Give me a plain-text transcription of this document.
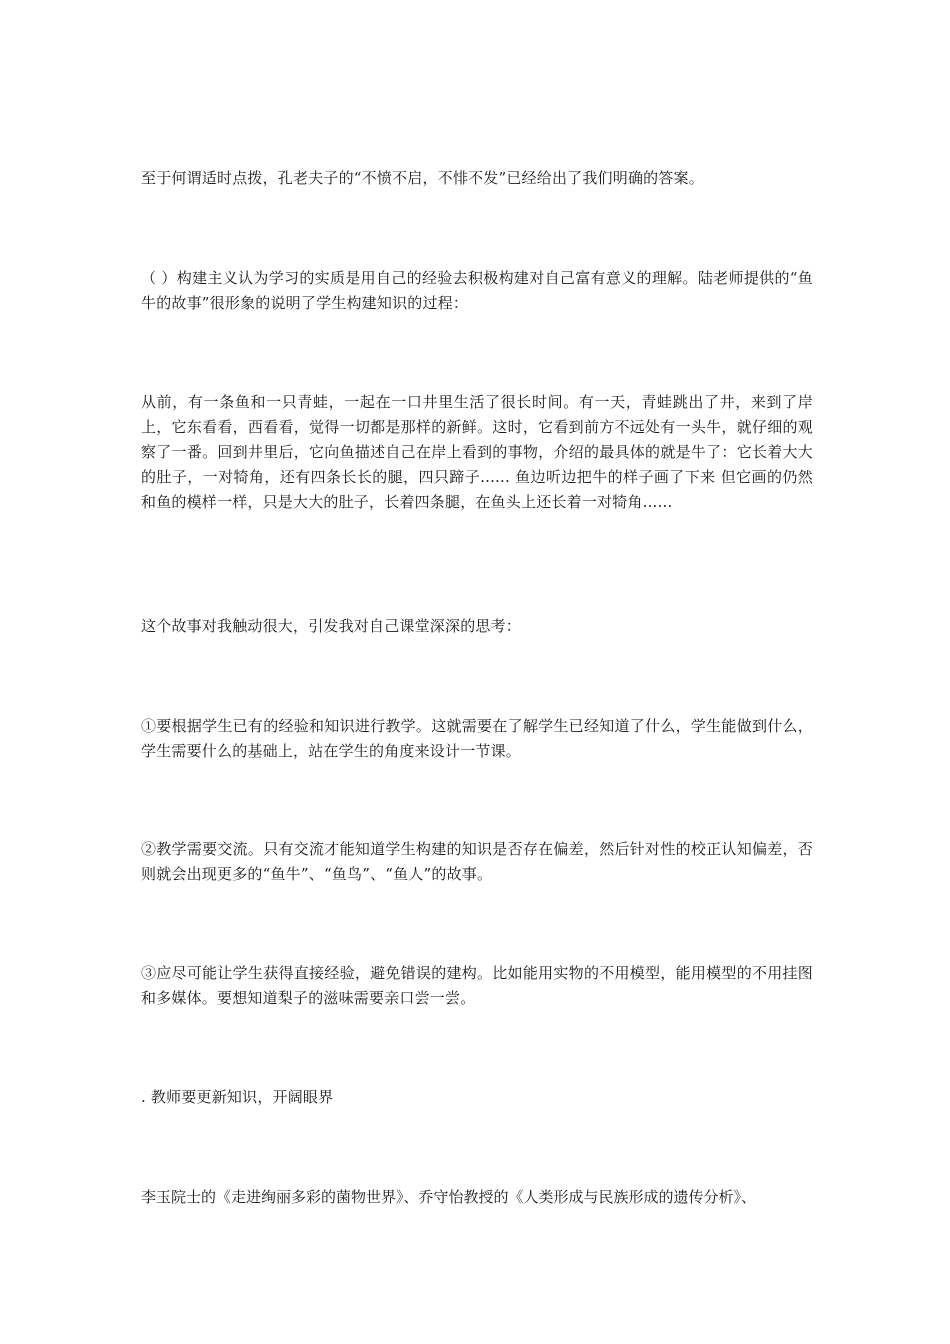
至于何谓适时点拨，孔老夫子的“不愤不启，不悱不发”已经给出了我们明确的答案。

（ ）构建主义认为学习的实质是用自己的经验去积极构建对自己富有意义的理解。陆老师提供的“鱼牛的故事”很形象的说明了学生构建知识的过程：

从前，有一条鱼和一只青蛙，一起在一口井里生活了很长时间。有一天，青蛙跳出了井，来到了岸上，它东看看，西看看，觉得一切都是那样的新鲜。这时，它看到前方不远处有一头牛，就仔细的观察了一番。回到井里后，它向鱼描述自己在岸上看到的事物，介绍的最具体的就是牛了：它长着大大的肚子，一对犄角，还有四条长长的腿，四只蹄子...... 鱼边听边把牛的样子画了下来 但它画的仍然和鱼的模样一样，只是大大的肚子，长着四条腿，在鱼头上还长着一对犄角......

这个故事对我触动很大，引发我对自己课堂深深的思考：

①要根据学生已有的经验和知识进行教学。这就需要在了解学生已经知道了什么，学生能做到什么，学生需要什么的基础上，站在学生的角度来设计一节课。

②教学需要交流。只有交流才能知道学生构建的知识是否存在偏差，然后针对性的校正认知偏差，否则就会出现更多的“鱼牛”、“鱼鸟”、“鱼人”的故事。

③应尽可能让学生获得直接经验，避免错误的建构。比如能用实物的不用模型，能用模型的不用挂图和多媒体。要想知道梨子的滋味需要亲口尝一尝。

. 教师要更新知识，开阔眼界

李玉院士的《走进绚丽多彩的菌物世界》、乔守怡教授的《人类形成与民族形成的遗传分析》、
